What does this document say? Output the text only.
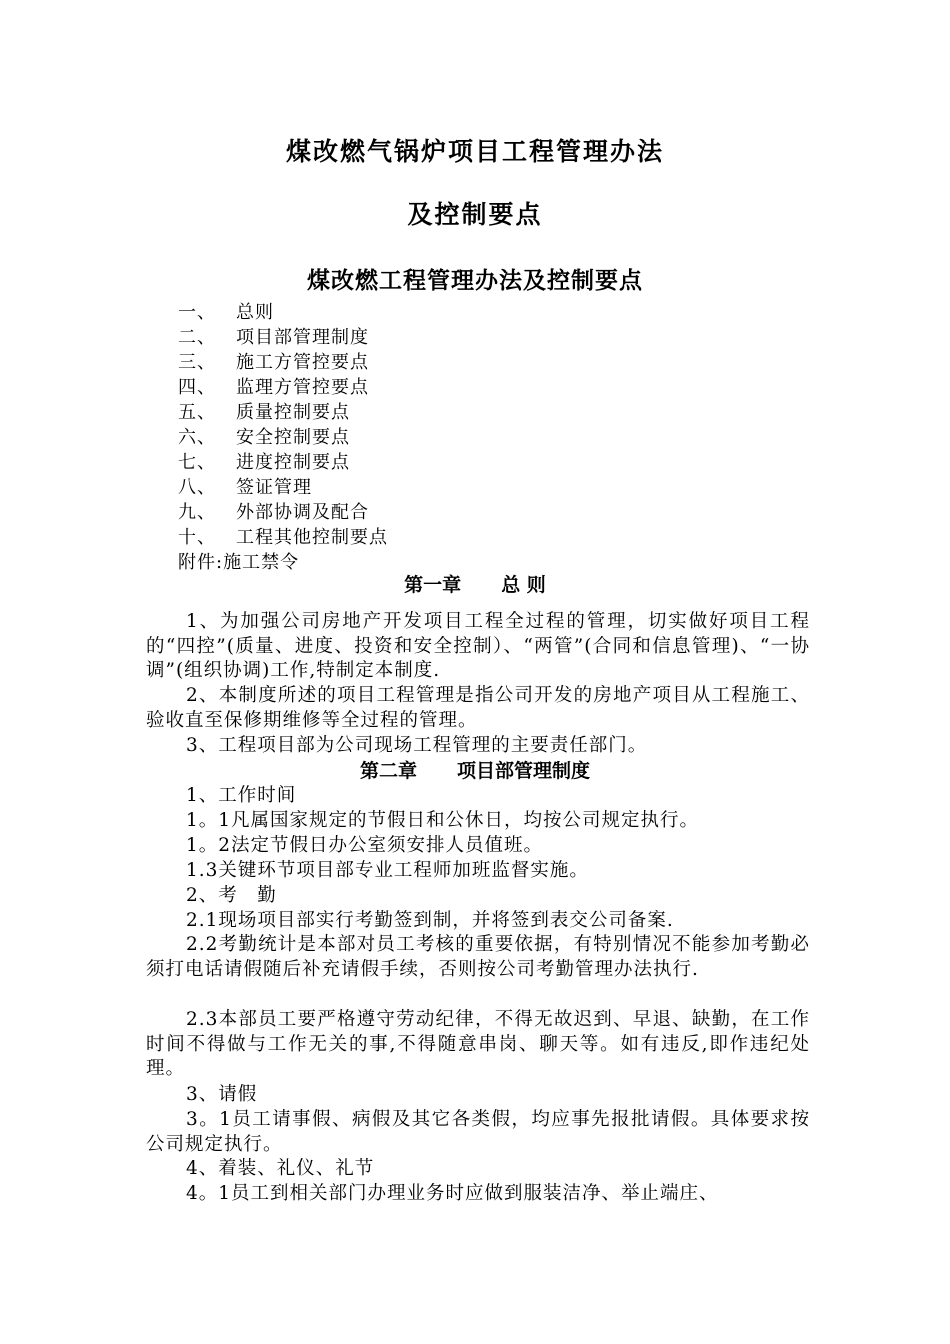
煤改燃气锅炉项目工程管理办法
及控制要点
煤改燃工程管理办法及控制要点
一、 总则
二、 项目部管理制度
三、 施工方管控要点
四、 监理方管控要点
五、 质量控制要点
六、 安全控制要点
七、 进度控制要点
八、 签证管理
九、 外部协调及配合
十、 工程其他控制要点
附件:施工禁令
第一章 总 则

1、为加强公司房地产开发项目工程全过程的管理，切实做好项目工程的“四控”(质量、进度、投资和安全控制）、“两管”(合同和信息管理)、“一协调”(组织协调)工作,特制定本制度.

2、本制度所述的项目工程管理是指公司开发的房地产项目从工程施工、验收直至保修期维修等全过程的管理。

3、工程项目部为公司现场工程管理的主要责任部门。

第二章 项目部管理制度

1、工作时间

1。1凡属国家规定的节假日和公休日，均按公司规定执行。

1。2法定节假日办公室须安排人员值班。

1.3关键环节项目部专业工程师加班监督实施。

2、考　勤

2.1现场项目部实行考勤签到制，并将签到表交公司备案.

2.2考勤统计是本部对员工考核的重要依据，有特别情况不能参加考勤必须打电话请假随后补充请假手续，否则按公司考勤管理办法执行.

2.3本部员工要严格遵守劳动纪律，不得无故迟到、早退、缺勤，在工作时间不得做与工作无关的事,不得随意串岗、聊天等。如有违反,即作违纪处理。

3、请假

3。1员工请事假、病假及其它各类假，均应事先报批请假。具体要求按公司规定执行。

4、着装、礼仪、礼节

4。1员工到相关部门办理业务时应做到服装洁净、举止端庄、
